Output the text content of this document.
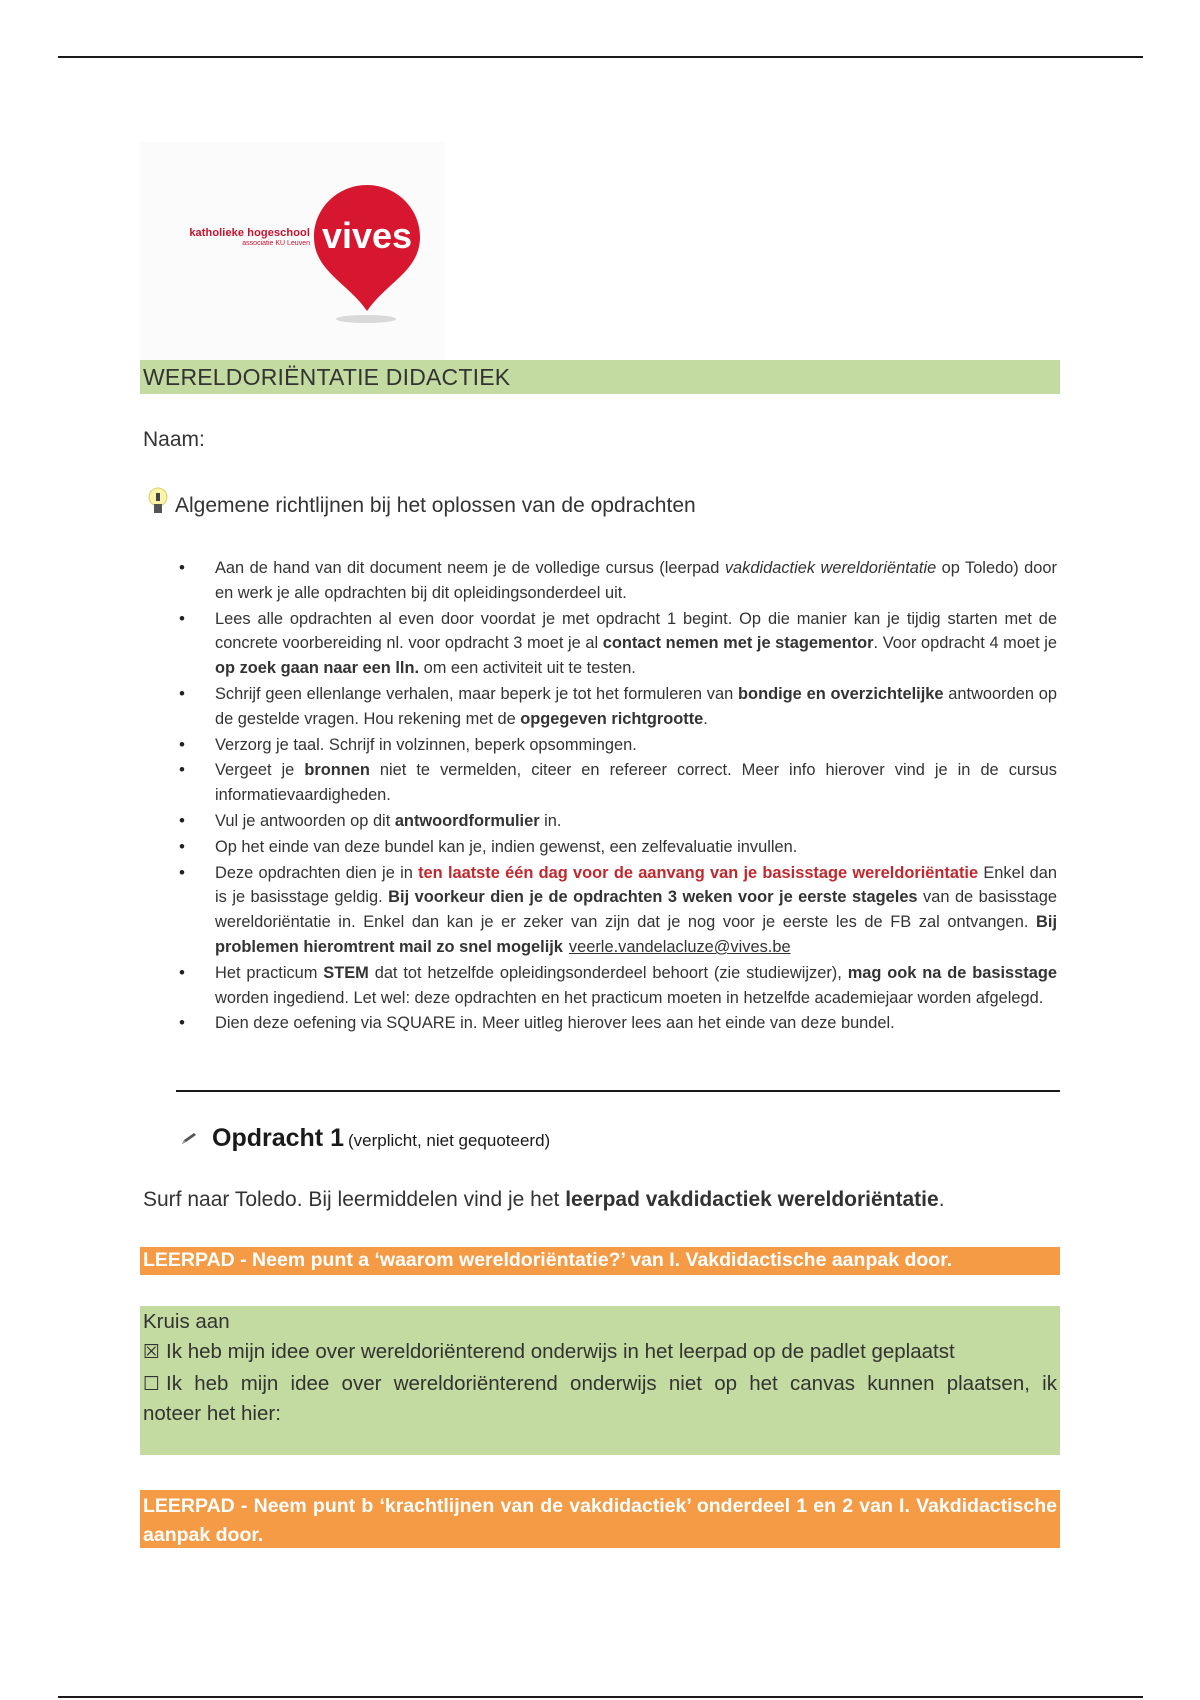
katholieke hogeschool
associatie KU Leuven vives
WERELDORIËNTATIE DIDACTIEK
Naam:
Algemene richtlijnen bij het oplossen van de opdrachten
• Aan de hand van dit document neem je de volledige cursus (leerpad vakdidactiek wereldoriëntatie op Toledo) door en werk je alle opdrachten bij dit opleidingsonderdeel uit.
• Lees alle opdrachten al even door voordat je met opdracht 1 begint. Op die manier kan je tijdig starten met de concrete voorbereiding nl. voor opdracht 3 moet je al contact nemen met je stagementor. Voor opdracht 4 moet je op zoek gaan naar een lln. om een activiteit uit te testen.
• Schrijf geen ellenlange verhalen, maar beperk je tot het formuleren van bondige en overzichtelijke antwoorden op de gestelde vragen. Hou rekening met de opgegeven richtgrootte.
• Verzorg je taal. Schrijf in volzinnen, beperk opsommingen.
• Vergeet je bronnen niet te vermelden, citeer en refereer correct. Meer info hierover vind je in de cursus informatievaardigheden.
• Vul je antwoorden op dit antwoordformulier in.
• Op het einde van deze bundel kan je, indien gewenst, een zelfevaluatie invullen.
• Deze opdrachten dien je in ten laatste één dag voor de aanvang van je basisstage wereldoriëntatie Enkel dan is je basisstage geldig. Bij voorkeur dien je de opdrachten 3 weken voor je eerste stageles van de basisstage wereldoriëntatie in. Enkel dan kan je er zeker van zijn dat je nog voor je eerste les de FB zal ontvangen. Bij problemen hieromtrent mail zo snel mogelijk veerle.vandelacluze@vives.be
• Het practicum STEM dat tot hetzelfde opleidingsonderdeel behoort (zie studiewijzer), mag ook na de basisstage worden ingediend. Let wel: deze opdrachten en het practicum moeten in hetzelfde academiejaar worden afgelegd.
• Dien deze oefening via SQUARE in. Meer uitleg hierover lees aan het einde van deze bundel.
Opdracht 1 (verplicht, niet gequoteerd)
Surf naar Toledo. Bij leermiddelen vind je het leerpad vakdidactiek wereldoriëntatie.
LEERPAD - Neem punt a ‘waarom wereldoriëntatie?’ van I. Vakdidactische aanpak door.
Kruis aan
☒ Ik heb mijn idee over wereldoriënterend onderwijs in het leerpad op de padlet geplaatst
☐ Ik heb mijn idee over wereldoriënterend onderwijs niet op het canvas kunnen plaatsen, ik
noteer het hier:
LEERPAD - Neem punt b ‘krachtlijnen van de vakdidactiek’ onderdeel 1 en 2 van I. Vakdidactische aanpak door.
